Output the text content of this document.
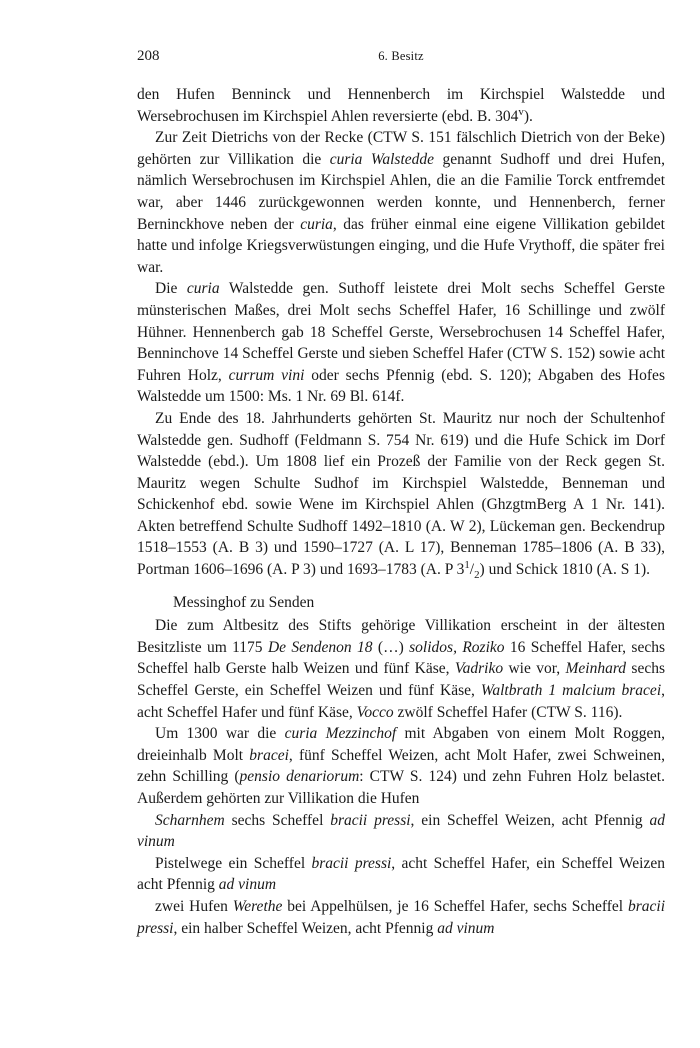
208	6. Besitz

den Hufen Benninck und Hennenberch im Kirchspiel Walstedde und Wersebrochusen im Kirchspiel Ahlen reversierte (ebd. B. 304$^v$).

Zur Zeit Dietrichs von der Recke (CTW S. 151 fälschlich Dietrich von der Beke) gehörten zur Villikation die curia Walstedde genannt Sudhoff und drei Hufen, nämlich Wersebrochusen im Kirchspiel Ahlen, die an die Familie Torck entfremdet war, aber 1446 zurückgewonnen werden konnte, und Hennenberch, ferner Berninckhove neben der curia, das früher einmal eine eigene Villikation gebildet hatte und infolge Kriegsverwüstungen einging, und die Hufe Vrythoff, die später frei war.

Die curia Walstedde gen. Suthoff leistete drei Molt sechs Scheffel Gerste münsterischen Maßes, drei Molt sechs Scheffel Hafer, 16 Schillinge und zwölf Hühner. Hennenberch gab 18 Scheffel Gerste, Wersebrochusen 14 Scheffel Hafer, Benninchove 14 Scheffel Gerste und sieben Scheffel Hafer (CTW S. 152) sowie acht Fuhren Holz, currum vini oder sechs Pfennig (ebd. S. 120); Abgaben des Hofes Walstedde um 1500: Ms. 1 Nr. 69 Bl. 614f.

Zu Ende des 18. Jahrhunderts gehörten St. Mauritz nur noch der Schultenhof Walstedde gen. Sudhoff (Feldmann S. 754 Nr. 619) und die Hufe Schick im Dorf Walstedde (ebd.). Um 1808 lief ein Prozeß der Familie von der Reck gegen St. Mauritz wegen Schulte Sudhof im Kirchspiel Walstedde, Benneman und Schickenhof ebd. sowie Wene im Kirchspiel Ahlen (GhzgtmBerg A 1 Nr. 141). Akten betreffend Schulte Sudhoff 1492–1810 (A. W 2), Lückeman gen. Beckendrup 1518–1553 (A. B 3) und 1590–1727 (A. L 17), Benneman 1785–1806 (A. B 33), Portman 1606–1696 (A. P 3) und 1693–1783 (A. P $3^1/_2$) und Schick 1810 (A. S 1).

Messinghof zu Senden

Die zum Altbesitz des Stifts gehörige Villikation erscheint in der ältesten Besitzliste um 1175 De Sendenon 18 (…) solidos, Roziko 16 Scheffel Hafer, sechs Scheffel halb Gerste halb Weizen und fünf Käse, Vadriko wie vor, Meinhard sechs Scheffel Gerste, ein Scheffel Weizen und fünf Käse, Waltbrath 1 malcium bracei, acht Scheffel Hafer und fünf Käse, Vocco zwölf Scheffel Hafer (CTW S. 116).

Um 1300 war die curia Mezzinchof mit Abgaben von einem Molt Roggen, dreieinhalb Molt bracei, fünf Scheffel Weizen, acht Molt Hafer, zwei Schweinen, zehn Schilling (pensio denariorum: CTW S. 124) und zehn Fuhren Holz belastet. Außerdem gehörten zur Villikation die Hufen

Scharnhem sechs Scheffel bracii pressi, ein Scheffel Weizen, acht Pfennig ad vinum

Pistelwege ein Scheffel bracii pressi, acht Scheffel Hafer, ein Scheffel Weizen acht Pfennig ad vinum

zwei Hufen Werethe bei Appelhülsen, je 16 Scheffel Hafer, sechs Scheffel bracii pressi, ein halber Scheffel Weizen, acht Pfennig ad vinum
